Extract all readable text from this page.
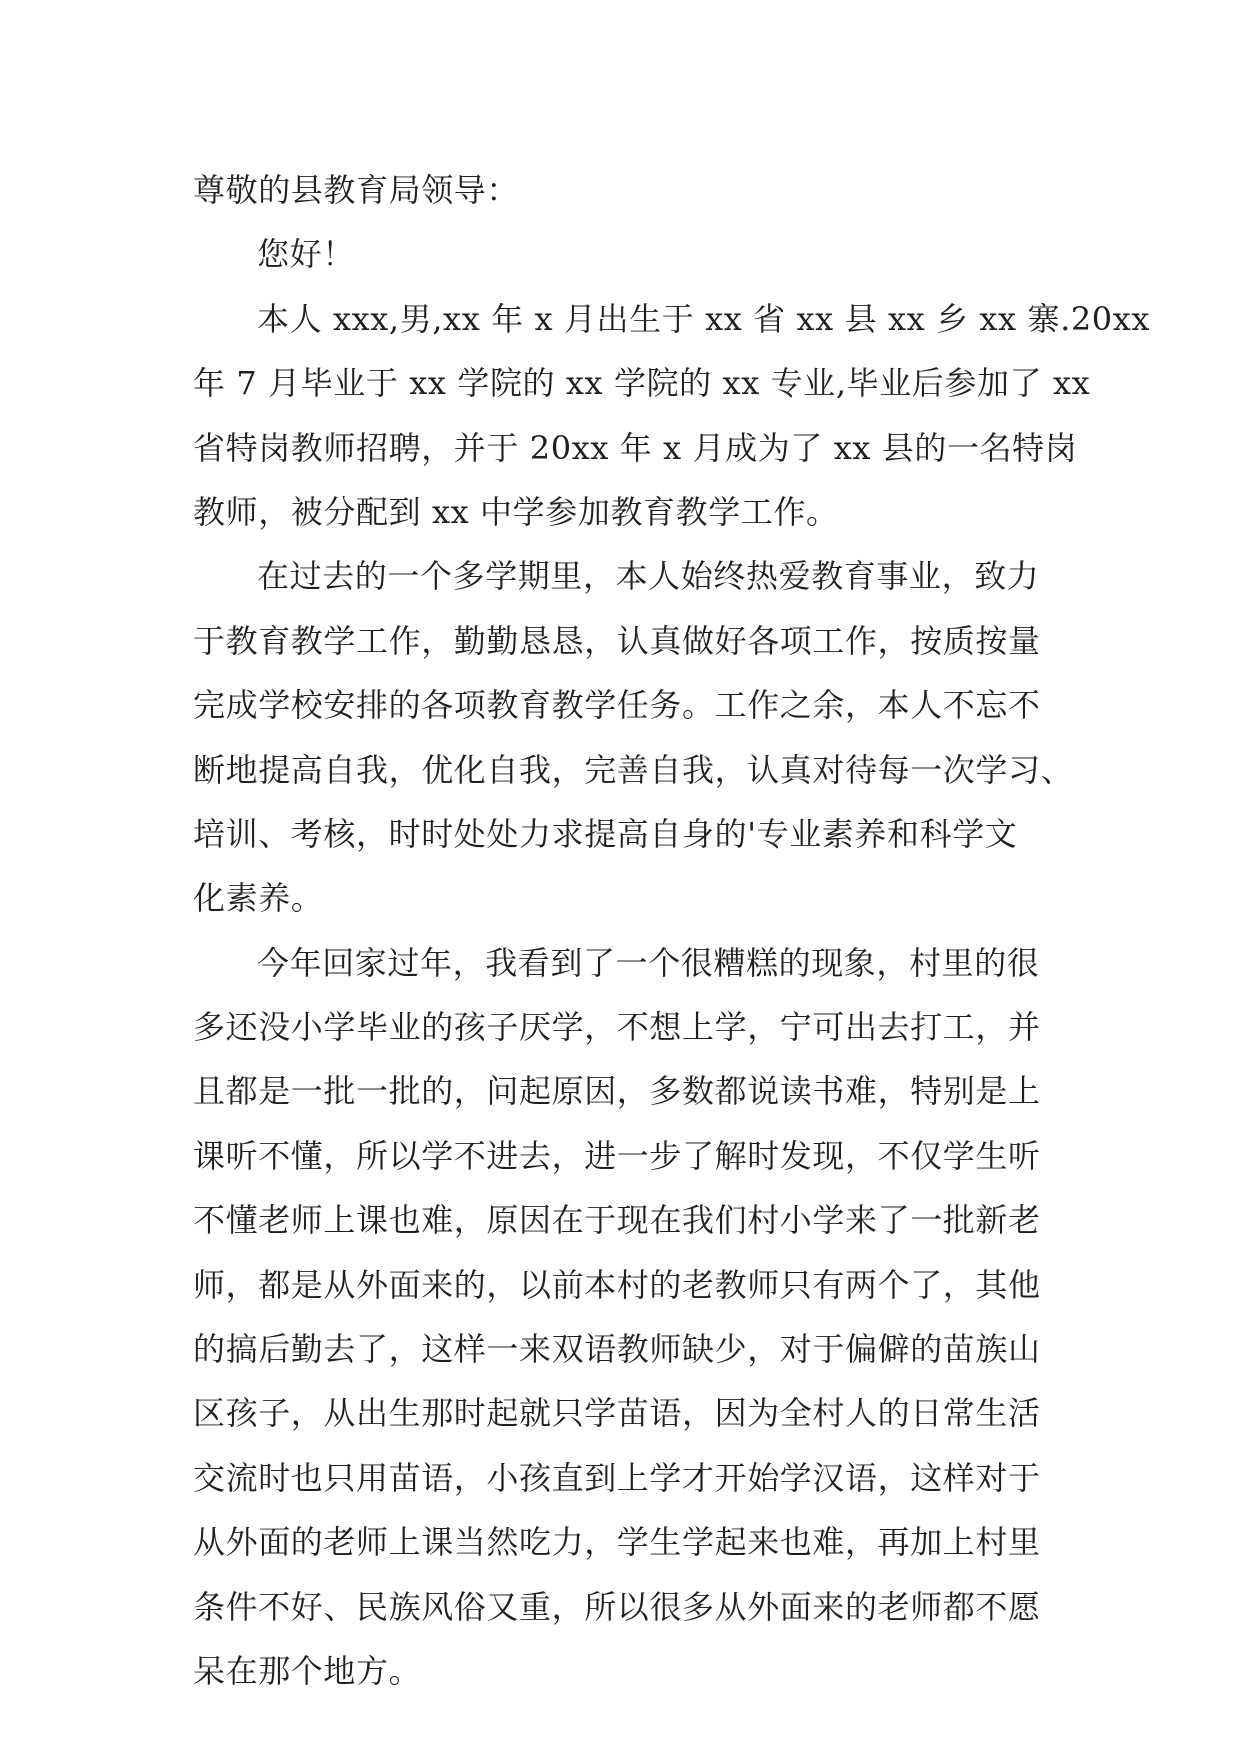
尊敬的县教育局领导：
您好！
本人 xxx,男,xx 年 x 月出生于 xx 省 xx 县 xx 乡 xx 寨.20xx
年 7 月毕业于 xx 学院的 xx 学院的 xx 专业,毕业后参加了 xx
省特岗教师招聘，并于 20xx 年 x 月成为了 xx 县的一名特岗
教师，被分配到 xx 中学参加教育教学工作。
在过去的一个多学期里，本人始终热爱教育事业，致力
于教育教学工作，勤勤恳恳，认真做好各项工作，按质按量
完成学校安排的各项教育教学任务。工作之余，本人不忘不
断地提高自我，优化自我，完善自我，认真对待每一次学习、
培训、考核，时时处处力求提高自身的'专业素养和科学文
化素养。
今年回家过年，我看到了一个很糟糕的现象，村里的很
多还没小学毕业的孩子厌学，不想上学，宁可出去打工，并
且都是一批一批的，问起原因，多数都说读书难，特别是上
课听不懂，所以学不进去，进一步了解时发现，不仅学生听
不懂老师上课也难，原因在于现在我们村小学来了一批新老
师，都是从外面来的，以前本村的老教师只有两个了，其他
的搞后勤去了，这样一来双语教师缺少，对于偏僻的苗族山
区孩子，从出生那时起就只学苗语，因为全村人的日常生活
交流时也只用苗语，小孩直到上学才开始学汉语，这样对于
从外面的老师上课当然吃力，学生学起来也难，再加上村里
条件不好、民族风俗又重，所以很多从外面来的老师都不愿
呆在那个地方。
